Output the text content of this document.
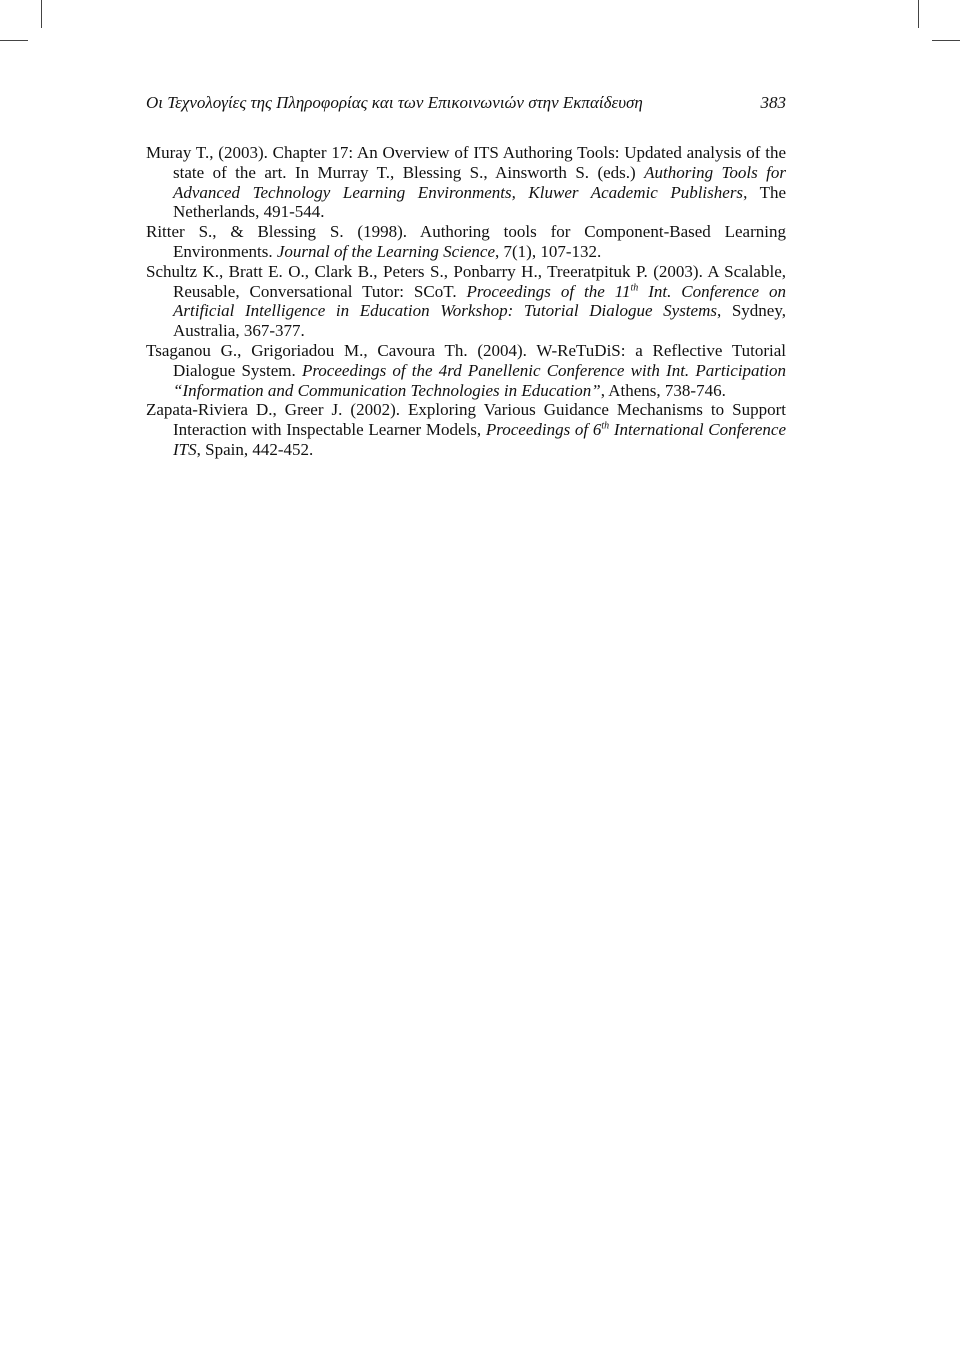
Οι Τεχνολογίες της Πληροφορίας και των Επικοινωνιών στην Εκπαίδευση	383

Muray T., (2003). Chapter 17: An Overview of ITS Authoring Tools: Updated analysis of the state of the art. In Murray T., Blessing S., Ainsworth S. (eds.) Authoring Tools for Advanced Technology Learning Environments, Kluwer Academic Publishers, The Netherlands, 491-544.

Ritter S., & Blessing S. (1998). Authoring tools for Component-Based Learning Environments. Journal of the Learning Science, 7(1), 107-132.

Schultz K., Bratt E. O., Clark B., Peters S., Ponbarry H., Treeratpituk P. (2003). A Scalable, Reusable, Conversational Tutor: SCoT. Proceedings of the 11th Int. Conference on Artificial Intelligence in Education Workshop: Tutorial Dialogue Systems, Sydney, Australia, 367-377.

Tsaganou G., Grigoriadou M., Cavoura Th. (2004). W-ReTuDiS: a Reflective Tutorial Dialogue System. Proceedings of the 4rd Panellenic Conference with Int. Participation “Information and Communication Technologies in Education”, Athens, 738-746.

Zapata-Riviera D., Greer J. (2002). Exploring Various Guidance Mechanisms to Support Interaction with Inspectable Learner Models, Proceedings of 6th International Conference ITS, Spain, 442-452.
